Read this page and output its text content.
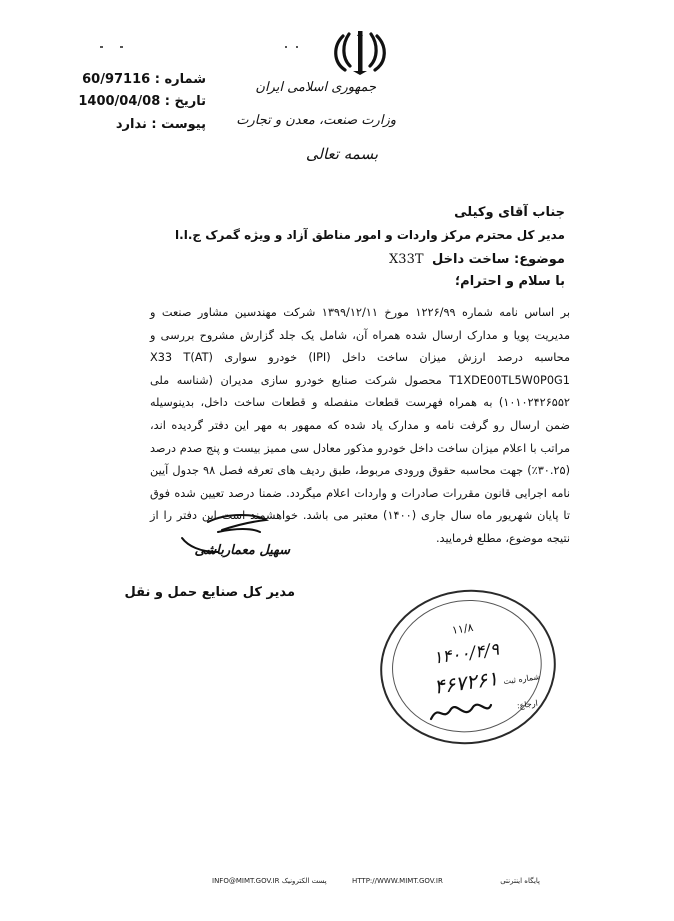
شماره : 60/97116
تاریخ : 1400/04/08
پیوست : ندارد
جمهوری اسلامی ایران
وزارت صنعت، معدن و تجارت
بسمه تعالی
جناب آقای وکیلی
مدیر کل محترم مرکز واردات و امور مناطق آزاد و ویژه گمرک ج.ا.ا
موضوع: ساخت داخل X33T
با سلام و احترام؛
بر اساس نامه شماره ۱۲۲۶/۹۹ مورخ ۱۳۹۹/۱۲/۱۱ شرکت مهندسین مشاور صنعت و مدیریت پویا و مدارک ارسال شده همراه آن، شامل یک جلد گزارش مشروح بررسی و محاسبه درصد ارزش میزان ساخت داخل (IPI) خودرو سواری X33 T(AT) T1XDE00TL5W0P0G1 محصول شرکت صنایع خودرو سازی مدیران (شناسه ملی ۱۰۱۰۲۴۲۶۵۵۲) به همراه فهرست قطعات منفصله و قطعات ساخت داخل، بدینوسیله ضمن ارسال رو گرفت نامه و مدارک یاد شده که ممهور به مهر این دفتر گردیده اند، مراتب با اعلام میزان ساخت داخل خودرو مذکور معادل سی ممیز بیست و پنج صدم درصد (۳۰.۲۵٪) جهت محاسبه حقوق ورودی مربوط، طبق ردیف های تعرفه فصل ۹۸ جدول آیین نامه اجرایی قانون مقررات صادرات و واردات اعلام میگردد. ضمنا درصد تعیین شده فوق تا پایان شهریور ماه سال جاری (۱۴۰۰) معتبر می باشد. خواهشمند است این دفتر را از نتیجه موضوع، مطلع فرمایید.
سهیل معمارباشی
مدیر کل صنایع حمل و نقل
۱۱/۸
۱۴۰۰/۴/۹
شماره ثبت ۴۶۷۲۶۱
ارجاع:
پایگاه اینترنتی
HTTP://WWW.MIMT.GOV.IR
INFO@MIMT.GOV.IR پست الکترونیک
